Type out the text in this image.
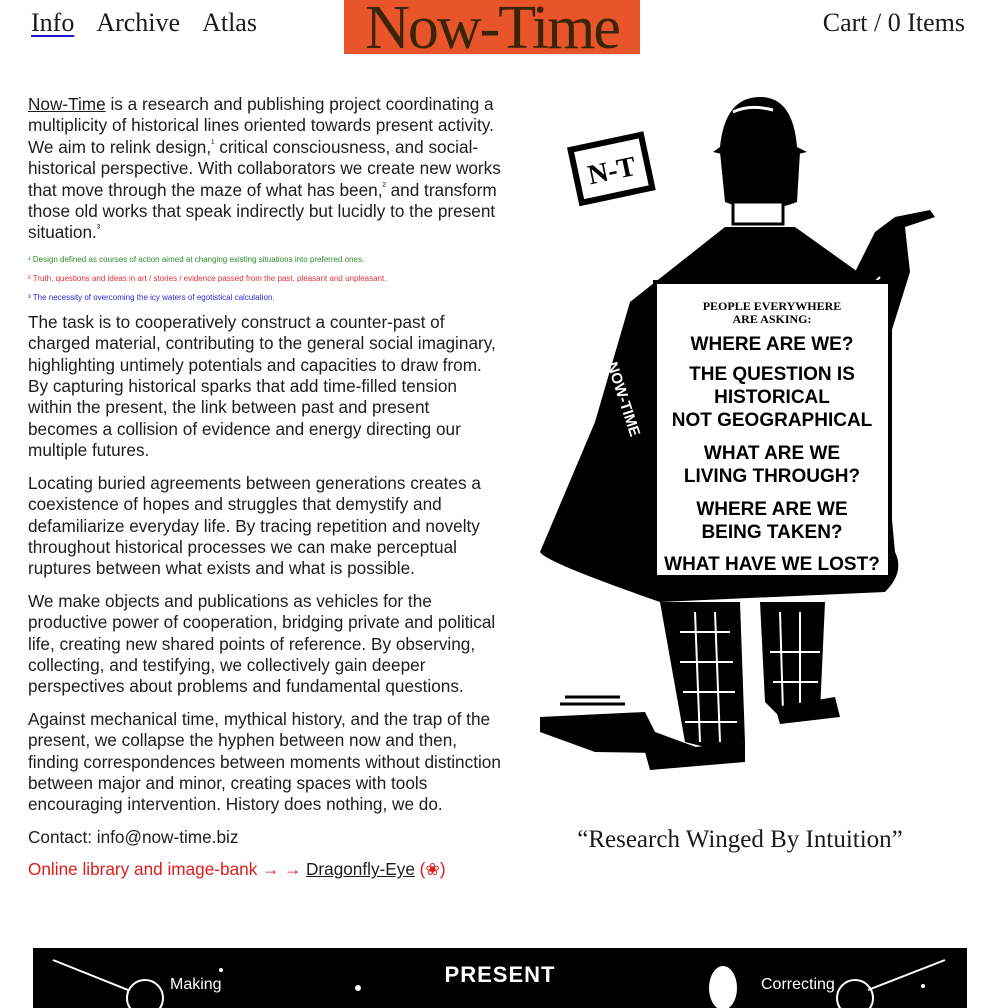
Info Archive Atlas	Now-Time	Cart / 0 Items

Now-Time is a research and publishing project coordinating a multiplicity of historical lines oriented towards present activity. We aim to relink design,$^{^1}$ critical consciousness, and social-historical perspective. With collaborators we create new works that move through the maze of what has been,$^{^2}$ and transform those old works that speak indirectly but lucidly to the present situation.$^{^3}$

¹ Design defined as courses of action aimed at changing existing situations into preferred ones.

² Truth, questions and ideas in art / stories / evidence passed from the past, pleasant and unpleasant.

³ The necessity of overcoming the icy waters of egotistical calculation.

The task is to cooperatively construct a counter-past of charged material, contributing to the general social imaginary, highlighting untimely potentials and capacities to draw from. By capturing historical sparks that add time-filled tension within the present, the link between past and present becomes a collision of evidence and energy directing our multiple futures.

Locating buried agreements between generations creates a coexistence of hopes and struggles that demystify and defamiliarize everyday life. By tracing repetition and novelty throughout historical processes we can make perceptual ruptures between what exists and what is possible.

We make objects and publications as vehicles for the productive power of cooperation, bridging private and political life, creating new shared points of reference. By observing, collecting, and testifying, we collectively gain deeper perspectives about problems and fundamental questions.

Against mechanical time, mythical history, and the trap of the present, we collapse the hyphen between now and then, finding correspondences between moments without distinction between major and minor, creating spaces with tools encouraging intervention. History does nothing, we do.

Contact: info@now-time.biz

Online library and image-bank → → Dragonfly-Eye (❀)

N-T
PEOPLE EVERYWHERE
ARE ASKING:
WHERE ARE WE?
THE QUESTION IS
HISTORICAL
NOT GEOGRAPHICAL
WHAT ARE WE
LIVING THROUGH?
WHERE ARE WE
BEING TAKEN?
WHAT HAVE WE LOST?
NOW-TIME
“Research Winged By Intuition”
PRESENT
Making	Correcting
